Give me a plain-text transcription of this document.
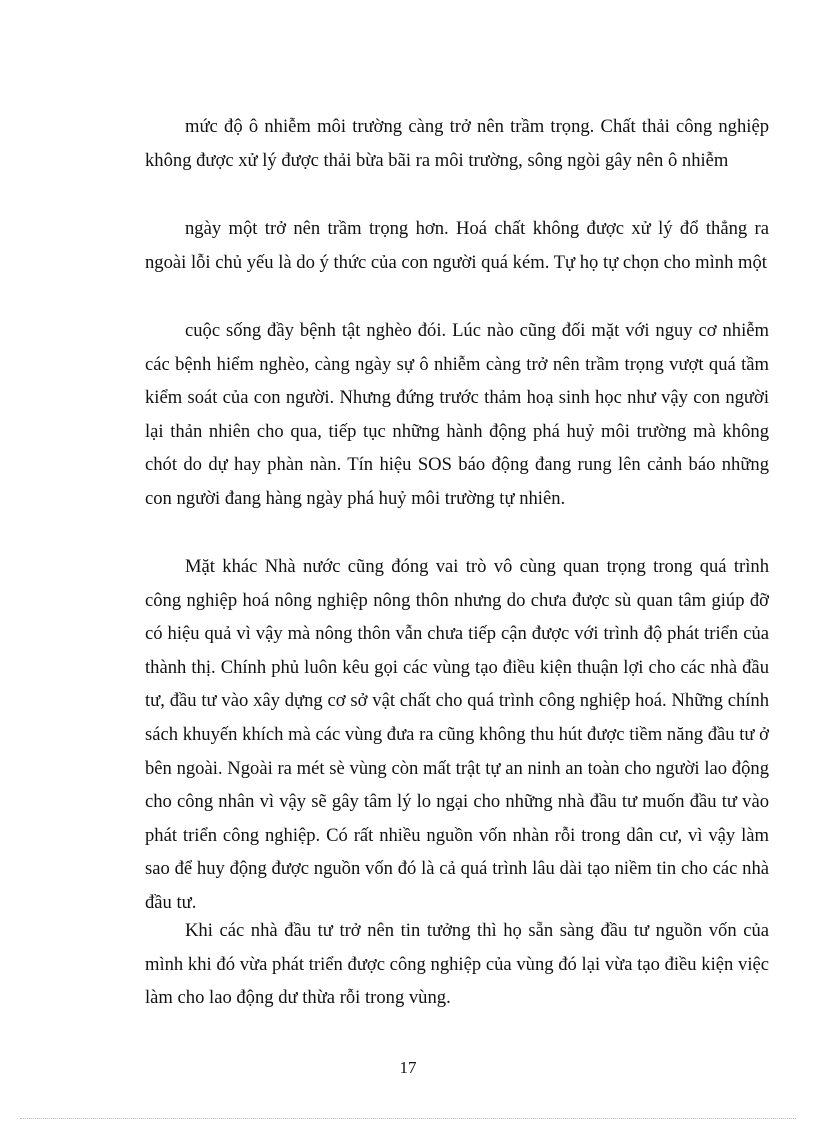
mức độ ô nhiễm môi trường càng trở nên trầm trọng. Chất thải công nghiệp không được xử lý được thải bừa bãi ra môi trường, sông ngòi gây nên ô nhiễm

ngày một trở nên trầm trọng hơn. Hoá chất không được xử lý đổ thẳng ra ngoài lỗi chủ yếu là do ý thức của con người quá kém. Tự họ tự chọn cho mình một

cuộc sống đầy bệnh tật nghèo đói. Lúc nào cũng đối mặt với nguy cơ nhiễm các bệnh hiểm nghèo, càng ngày sự ô nhiễm càng trở nên trầm trọng vượt quá tầm kiểm soát của con người. Nhưng đứng trước thảm hoạ sinh học như vậy con người lại thản nhiên cho qua, tiếp tục những hành động phá huỷ môi trường mà không chót do dự hay phàn nàn. Tín hiệu SOS báo động đang rung lên cảnh báo những con người đang hàng ngày phá huỷ môi trường tự nhiên.

Mặt khác Nhà nước cũng đóng vai trò vô cùng quan trọng trong quá trình công nghiệp hoá nông nghiệp nông thôn nhưng do chưa được sù quan tâm giúp đỡ có hiệu quả vì vậy mà nông thôn vẫn chưa tiếp cận được với trình độ phát triển của thành thị. Chính phủ luôn kêu gọi các vùng tạo điều kiện thuận lợi cho các nhà đầu tư, đầu tư vào xây dựng cơ sở vật chất cho quá trình công nghiệp hoá. Những chính sách khuyến khích mà các vùng đưa ra cũng không thu hút được tiềm năng đầu tư ở bên ngoài. Ngoài ra mét sè vùng còn mất trật tự an ninh an toàn cho người lao động cho công nhân vì vậy sẽ gây tâm lý lo ngại cho những nhà đầu tư muốn đầu tư vào phát triển công nghiệp. Có rất nhiều nguồn vốn nhàn rỗi trong dân cư, vì vậy làm sao để huy động được nguồn vốn đó là cả quá trình lâu dài tạo niềm tin cho các nhà đầu tư.

Khi các nhà đầu tư trở nên tin tưởng thì họ sẵn sàng đầu tư nguồn vốn của mình khi đó vừa phát triển được công nghiệp của vùng đó lại vừa tạo điều kiện việc làm cho lao động dư thừa rỗi trong vùng.

17
